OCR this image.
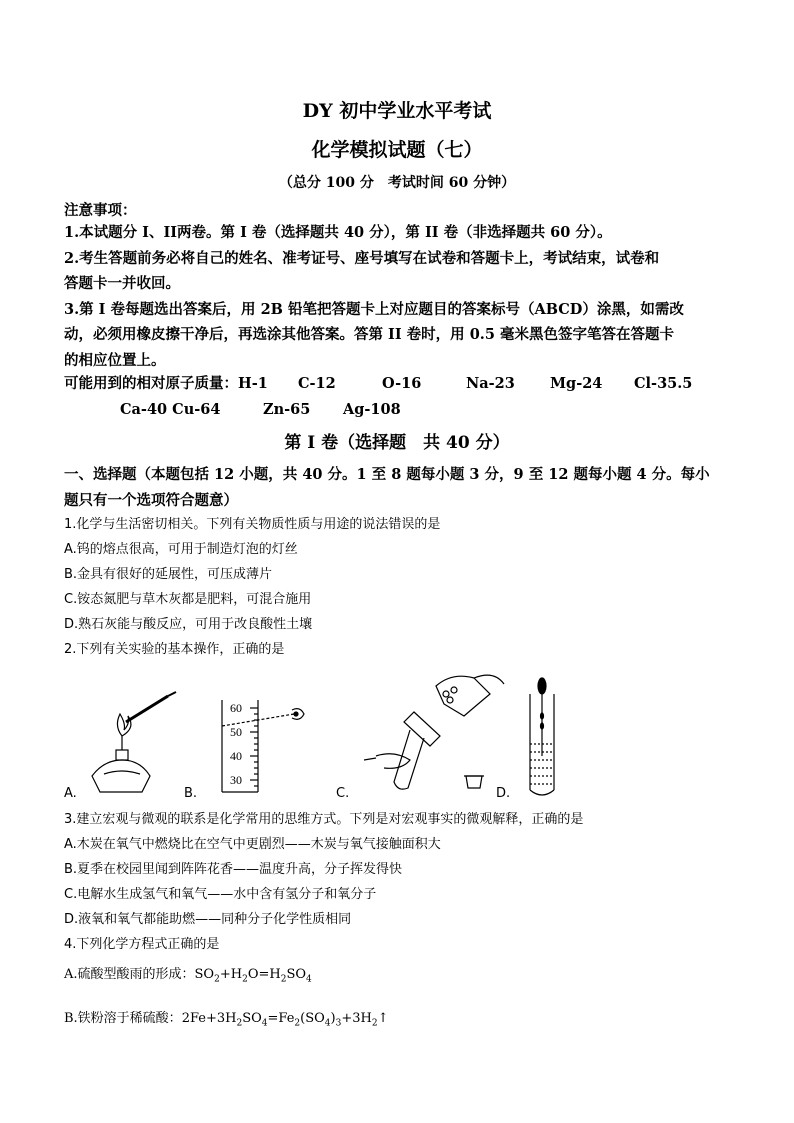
DY 初中学业水平考试
化学模拟试题（七）
（总分 100 分　考试时间 60 分钟）
注意事项：
1.本试题分 I、II两卷。第 I 卷（选择题共 40 分），第 II 卷（非选择题共 60 分）。
2.考生答题前务必将自己的姓名、准考证号、座号填写在试卷和答题卡上，考试结束，试卷和
答题卡一并收回。
3.第 I 卷每题选出答案后，用 2B 铅笔把答题卡上对应题目的答案标号（ABCD）涂黑，如需改
动，必须用橡皮擦干净后，再选涂其他答案。答第 II 卷时，用 0.5 毫米黑色签字笔答在答题卡
的相应位置上。
可能用到的相对原子质量：H-1 C-12	O-16	Na-23 Mg-24 Cl-35.5
Ca-40 Cu-64	Zn-65 Ag-108
第 I 卷（选择题　共 40 分）
一、选择题（本题包括 12 小题，共 40 分。1 至 8 题每小题 3 分，9 至 12 题每小题 4 分。每小
题只有一个选项符合题意）
1.化学与生活密切相关。下列有关物质性质与用途的说法错误的是
A.钨的熔点很高，可用于制造灯泡的灯丝
B.金具有很好的延展性，可压成薄片
C.铵态氮肥与草木灰都是肥料，可混合施用
D.熟石灰能与酸反应，可用于改良酸性土壤
2.下列有关实验的基本操作，正确的是
60
50
40
30
A.	B.	C.	D.
3.建立宏观与微观的联系是化学常用的思维方式。下列是对宏观事实的微观解释，正确的是
A.木炭在氧气中燃烧比在空气中更剧烈——木炭与氧气接触面积大
B.夏季在校园里闻到阵阵花香——温度升高，分子挥发得快
C.电解水生成氢气和氧气——水中含有氢分子和氧分子
D.液氧和氧气都能助燃——同种分子化学性质相同
4.下列化学方程式正确的是
A.硫酸型酸雨的形成：$SO_2+H_2O=H_2SO_4$
B.铁粉溶于稀硫酸：$2Fe+3H_2SO_4=Fe_2(SO_4)_3+3H_2↑$
